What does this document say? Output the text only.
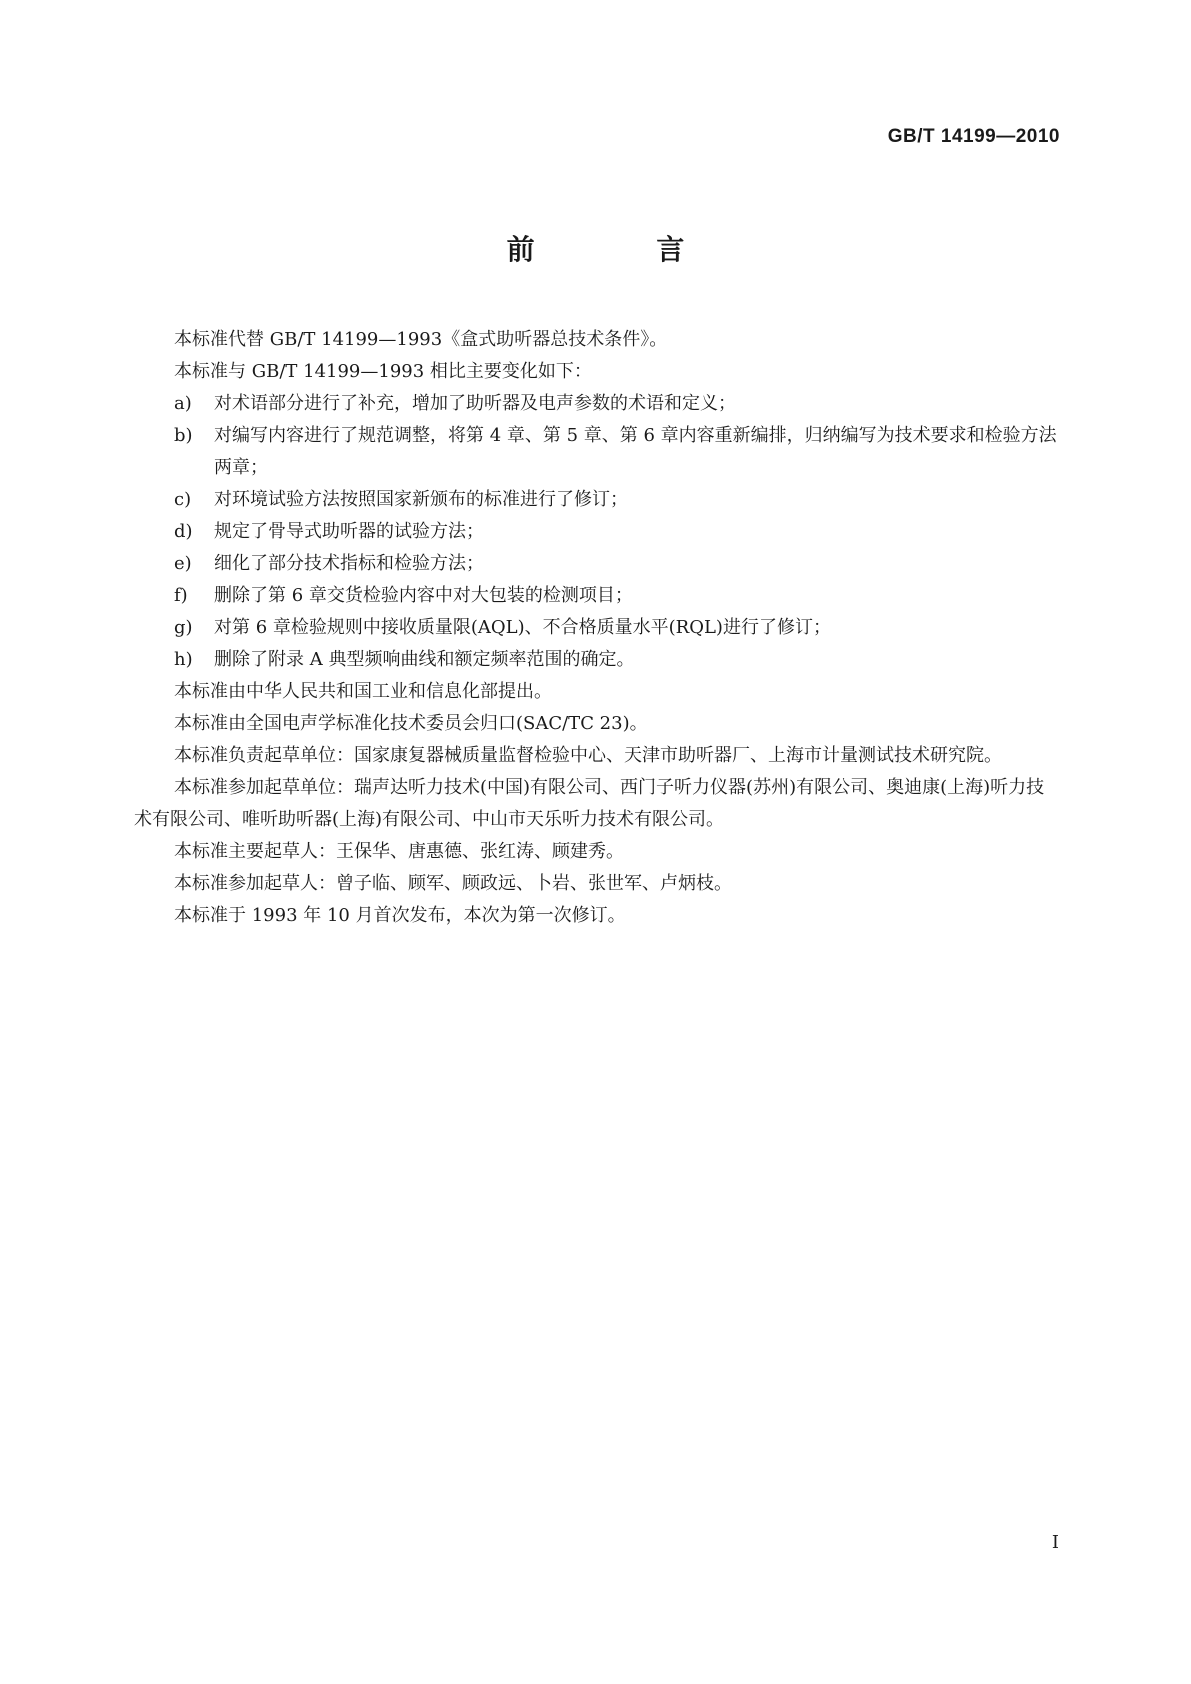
GB/T 14199—2010
前 言

本标准代替 GB/T 14199—1993《盒式助听器总技术条件》。

本标准与 GB/T 14199—1993 相比主要变化如下：

a) 对术语部分进行了补充，增加了助听器及电声参数的术语和定义；

b) 对编写内容进行了规范调整，将第 4 章、第 5 章、第 6 章内容重新编排，归纳编写为技术要求和检验方法两章；

c) 对环境试验方法按照国家新颁布的标准进行了修订；

d) 规定了骨导式助听器的试验方法；

e) 细化了部分技术指标和检验方法；

f) 删除了第 6 章交货检验内容中对大包装的检测项目；

g) 对第 6 章检验规则中接收质量限(AQL)、不合格质量水平(RQL)进行了修订；

h) 删除了附录 A 典型频响曲线和额定频率范围的确定。

本标准由中华人民共和国工业和信息化部提出。

本标准由全国电声学标准化技术委员会归口(SAC/TC 23)。

本标准负责起草单位：国家康复器械质量监督检验中心、天津市助听器厂、上海市计量测试技术研究院。

本标准参加起草单位：瑞声达听力技术(中国)有限公司、西门子听力仪器(苏州)有限公司、奥迪康(上海)听力技术有限公司、唯听助听器(上海)有限公司、中山市天乐听力技术有限公司。

本标准主要起草人：王保华、唐惠德、张红涛、顾建秀。

本标准参加起草人：曾子临、顾军、顾政远、卜岩、张世军、卢炳枝。

本标准于 1993 年 10 月首次发布，本次为第一次修订。

I
